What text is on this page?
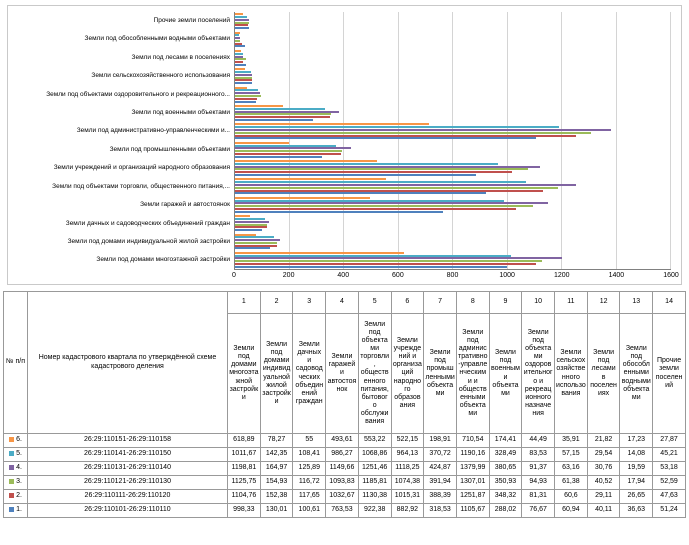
Прочие земли поселений
Земли под обособленными водными объектами
Земли под лесами в поселениях
Земли сельскохозяйственного использования
Земли под объектами оздоровительного и рекреационного...
Земли под военными объектами
Земли под административно-управленческими и...
Земли под промышленными объектами
Земли учреждений и организаций народного образования
Земли под объектами торговли, общественного питания,...
Земли гаражей и автостоянок
Земли дачных и садоводческих объединений граждан
Земли под домами индивидуальной жилой застройки
Земли под домами многоэтажной застройки
0	200	400	600	800	1000	1200	1400	1600
№ п/п	Номер кадастрового квартала по утверждённой схеме кадастрового деления	1	2	3	4	5	6	7	8	9	10	11	12	13	14
		Земли под домами многоэтажной застройки	Земли под домами индивидуальной жилой застройки	Земли дачных и садоводческих объединений граждан	Земли гаражей и автостоянок	Земли под объектами торговли , общественного питания, бытового обслуживания	Земли учреждений и организаций народного образования	Земли под промышленными объектами	Земли под административно-управленческими и общественными объектами	Земли под военными объектами	Земли под объектами оздоровительного и рекреационного назначения	Земли сельскохозяйственного использования	Земли под лесами в поселениях	Земли под обособленными водными объектами	Прочие земли поселений
6.	26:29:110151-26:29:110158	618,89	78,27	55	493,61	553,22	522,15	198,91	710,54	174,41	44,49	35,91	21,82	17,23	27,87
5.	26:29:110141-26:29:110150	1011,67	142,35	108,41	986,27	1068,86	964,13	370,72	1190,16	328,49	83,53	57,15	29,54	14,08	45,21
4.	26:29:110131-26:29:110140	1198,81	164,97	125,89	1149,66	1251,46	1118,25	424,87	1379,99	380,65	91,37	63,16	30,76	19,59	53,18
3.	26:29:110121-26:29:110130	1125,75	154,93	116,72	1093,83	1185,81	1074,38	391,94	1307,01	350,93	94,93	61,38	40,52	17,94	52,59
2.	26:29:110111-26:29:110120	1104,76	152,38	117,65	1032,67	1130,38	1015,31	388,39	1251,87	348,32	81,31	60,6	29,11	26,65	47,63
1.	26:29:110101-26:29:110110	998,33	130,01	100,61	763,53	922,38	882,92	318,53	1105,67	288,02	76,67	60,94	40,11	36,63	51,24
